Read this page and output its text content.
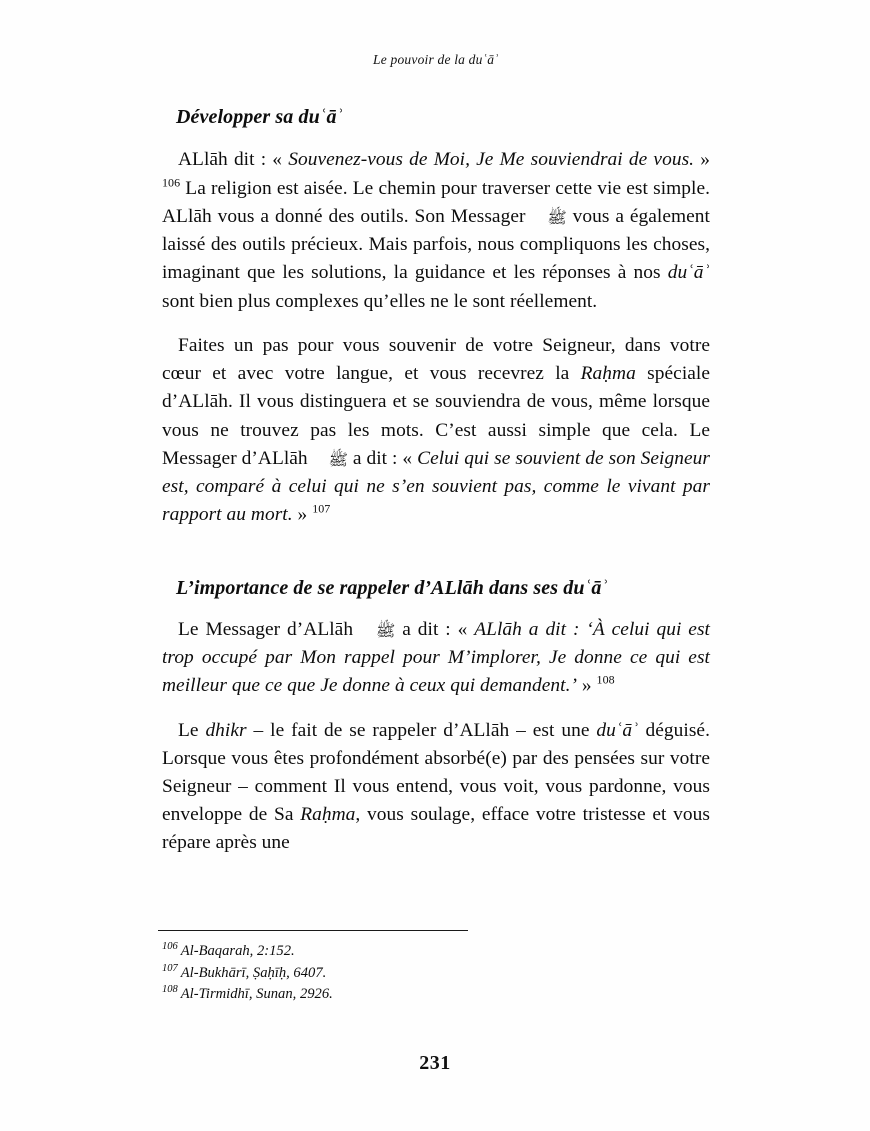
Le pouvoir de la duʿāʾ
Développer sa duʿāʾ

ALlāh dit : « Souvenez-vous de Moi, Je Me souviendrai de vous. » $^{106}$ La religion est aisée. Le chemin pour traverser cette vie est simple. ALlāh vous a donné des outils. Son Messager ﷺ vous a également laissé des outils précieux. Mais parfois, nous compliquons les choses, imaginant que les solutions, la guidance et les réponses à nos duʿāʾ sont bien plus complexes qu’elles ne le sont réellement.

Faites un pas pour vous souvenir de votre Seigneur, dans votre cœur et avec votre langue, et vous recevrez la Raḥma spéciale d’ALlāh. Il vous distinguera et se souviendra de vous, même lorsque vous ne trouvez pas les mots. C’est aussi simple que cela. Le Messager d’ALlāh ﷺ a dit : « Celui qui se souvient de son Seigneur est, comparé à celui qui ne s’en souvient pas, comme le vivant par rapport au mort. » $^{107}$

L’importance de se rappeler d’ALlāh dans ses duʿāʾ

Le Messager d’ALlāh ﷺ a dit : « ALlāh a dit : ‘À celui qui est trop occupé par Mon rappel pour M’implorer, Je donne ce qui est meilleur que ce que Je donne à ceux qui demandent.’ » $^{108}$

Le dhikr – le fait de se rappeler d’ALlāh – est une duʿāʾ déguisé. Lorsque vous êtes profondément absorbé(e) par des pensées sur votre Seigneur – comment Il vous entend, vous voit, vous pardonne, vous enveloppe de Sa Raḥma, vous soulage, efface votre tristesse et vous répare après une

$^{106}$ Al-Baqarah, 2:152.

$^{107}$ Al-Bukhārī, Ṣaḥīḥ, 6407.

$^{108}$ Al-Tirmidhī, Sunan, 2926.

231
